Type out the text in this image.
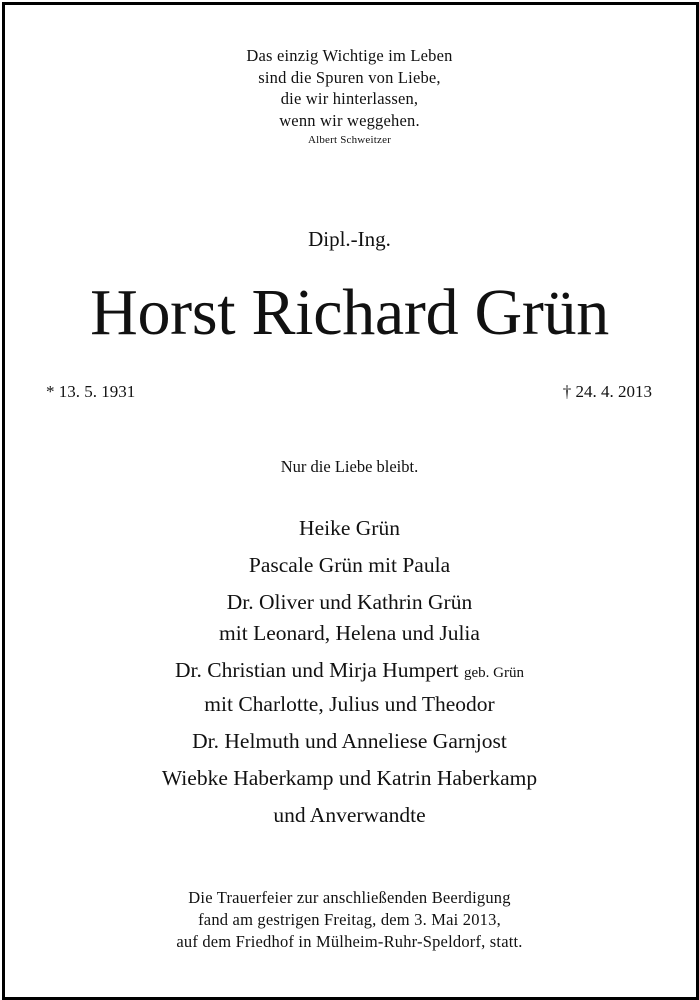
Das einzig Wichtige im Leben
sind die Spuren von Liebe,
die wir hinterlassen,
wenn wir weggehen.
Albert Schweitzer
Dipl.-Ing.
Horst Richard Grün
* 13. 5. 1931	† 24. 4. 2013
Nur die Liebe bleibt.
Heike Grün
Pascale Grün mit Paula
Dr. Oliver und Kathrin Grün
mit Leonard, Helena und Julia
Dr. Christian und Mirja Humpert geb. Grün
mit Charlotte, Julius und Theodor
Dr. Helmuth und Anneliese Garnjost
Wiebke Haberkamp und Katrin Haberkamp
und Anverwandte
Die Trauerfeier zur anschließenden Beerdigung
fand am gestrigen Freitag, dem 3. Mai 2013,
auf dem Friedhof in Mülheim-Ruhr-Speldorf, statt.
